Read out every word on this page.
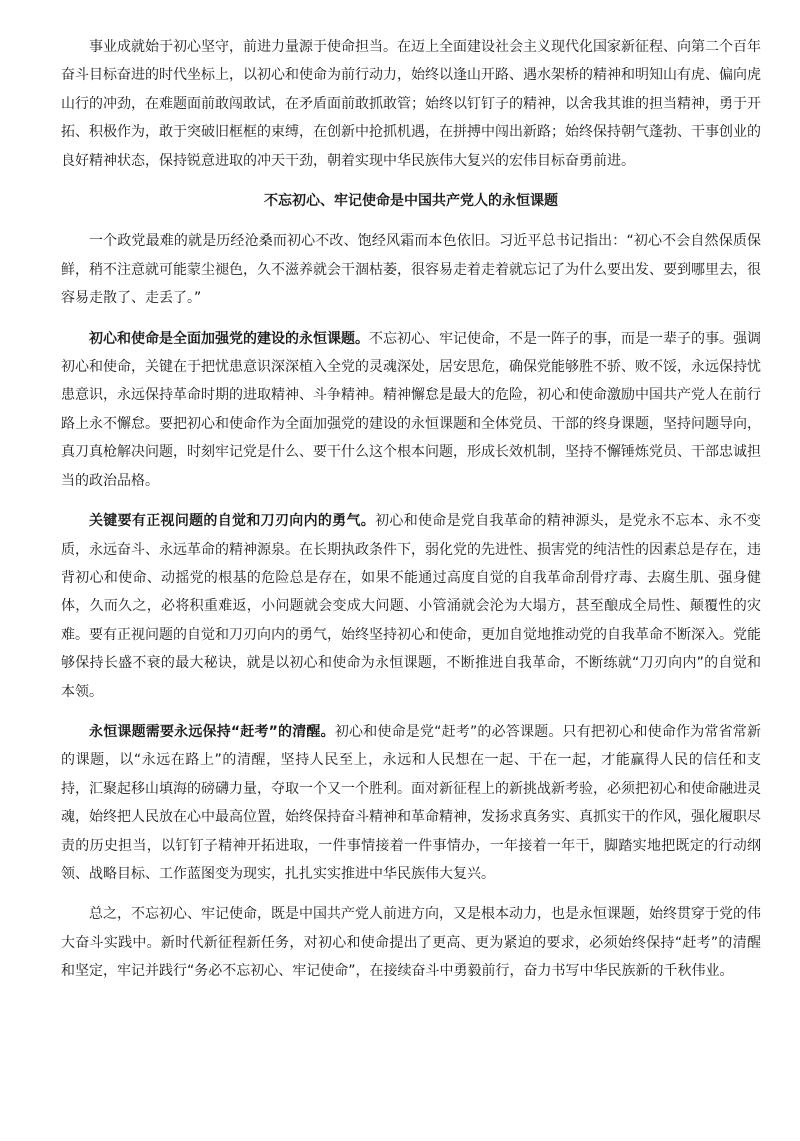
事业成就始于初心坚守，前进力量源于使命担当。在迈上全面建设社会主义现代化国家新征程、向第二个百年奋斗目标奋进的时代坐标上，以初心和使命为前行动力，始终以逢山开路、遇水架桥的精神和明知山有虎、偏向虎山行的冲劲，在难题面前敢闯敢试，在矛盾面前敢抓敢管；始终以钉钉子的精神，以舍我其谁的担当精神，勇于开拓、积极作为，敢于突破旧框框的束缚，在创新中抢抓机遇，在拼搏中闯出新路；始终保持朝气蓬勃、干事创业的良好精神状态，保持锐意进取的冲天干劲，朝着实现中华民族伟大复兴的宏伟目标奋勇前进。

不忘初心、牢记使命是中国共产党人的永恒课题

一个政党最难的就是历经沧桑而初心不改、饱经风霜而本色依旧。习近平总书记指出：“初心不会自然保质保鲜，稍不注意就可能蒙尘褪色，久不滋养就会干涸枯萎，很容易走着走着就忘记了为什么要出发、要到哪里去，很容易走散了、走丢了。”

初心和使命是全面加强党的建设的永恒课题。不忘初心、牢记使命，不是一阵子的事，而是一辈子的事。强调初心和使命，关键在于把忧患意识深深植入全党的灵魂深处，居安思危，确保党能够胜不骄、败不馁，永远保持忧患意识，永远保持革命时期的进取精神、斗争精神。精神懈怠是最大的危险，初心和使命激励中国共产党人在前行路上永不懈怠。要把初心和使命作为全面加强党的建设的永恒课题和全体党员、干部的终身课题，坚持问题导向，真刀真枪解决问题，时刻牢记党是什么、要干什么这个根本问题，形成长效机制，坚持不懈锤炼党员、干部忠诚担当的政治品格。

关键要有正视问题的自觉和刀刃向内的勇气。初心和使命是党自我革命的精神源头，是党永不忘本、永不变质，永远奋斗、永远革命的精神源泉。在长期执政条件下，弱化党的先进性、损害党的纯洁性的因素总是存在，违背初心和使命、动摇党的根基的危险总是存在，如果不能通过高度自觉的自我革命刮骨疗毒、去腐生肌、强身健体，久而久之，必将积重难返，小问题就会变成大问题、小管涌就会沦为大塌方，甚至酿成全局性、颠覆性的灾难。要有正视问题的自觉和刀刃向内的勇气，始终坚持初心和使命，更加自觉地推动党的自我革命不断深入。党能够保持长盛不衰的最大秘诀，就是以初心和使命为永恒课题，不断推进自我革命，不断练就“刀刃向内”的自觉和本领。

永恒课题需要永远保持“赶考”的清醒。初心和使命是党“赶考”的必答课题。只有把初心和使命作为常省常新的课题，以“永远在路上”的清醒，坚持人民至上，永远和人民想在一起、干在一起，才能赢得人民的信任和支持，汇聚起移山填海的磅礴力量，夺取一个又一个胜利。面对新征程上的新挑战新考验，必须把初心和使命融进灵魂，始终把人民放在心中最高位置，始终保持奋斗精神和革命精神，发扬求真务实、真抓实干的作风，强化履职尽责的历史担当，以钉钉子精神开拓进取，一件事情接着一件事情办，一年接着一年干，脚踏实地把既定的行动纲领、战略目标、工作蓝图变为现实，扎扎实实推进中华民族伟大复兴。

总之，不忘初心、牢记使命，既是中国共产党人前进方向，又是根本动力，也是永恒课题，始终贯穿于党的伟大奋斗实践中。新时代新征程新任务，对初心和使命提出了更高、更为紧迫的要求，必须始终保持“赶考”的清醒和坚定，牢记并践行“务必不忘初心、牢记使命”，在接续奋斗中勇毅前行，奋力书写中华民族新的千秋伟业。
